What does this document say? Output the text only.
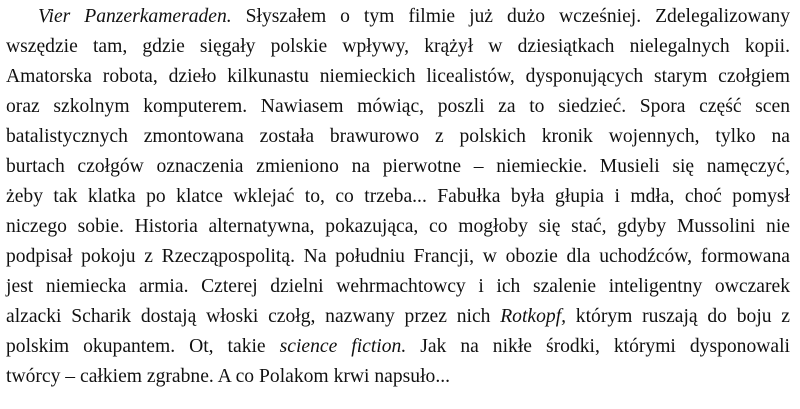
Vier Panzerkameraden. Słyszałem o tym filmie już dużo wcześniej. Zdelegalizowany
wszędzie tam, gdzie sięgały polskie wpływy, krążył w dziesiątkach nielegalnych kopii.
Amatorska robota, dzieło kilkunastu niemieckich licealistów, dysponujących starym czołgiem
oraz szkolnym komputerem. Nawiasem mówiąc, poszli za to siedzieć. Spora część scen
batalistycznych zmontowana została brawurowo z polskich kronik wojennych, tylko na
burtach czołgów oznaczenia zmieniono na pierwotne – niemieckie. Musieli się namęczyć,
żeby tak klatka po klatce wklejać to, co trzeba... Fabułka była głupia i mdła, choć pomysł
niczego sobie. Historia alternatywna, pokazująca, co mogłoby się stać, gdyby Mussolini nie
podpisał pokoju z Rzecząpospolitą. Na południu Francji, w obozie dla uchodźców, formowana
jest niemiecka armia. Czterej dzielni wehrmachtowcy i ich szalenie inteligentny owczarek
alzacki Scharik dostają włoski czołg, nazwany przez nich Rotkopf, którym ruszają do boju z
polskim okupantem. Ot, takie science fiction. Jak na nikłe środki, którymi dysponowali
twórcy – całkiem zgrabne. A co Polakom krwi napsuło...
